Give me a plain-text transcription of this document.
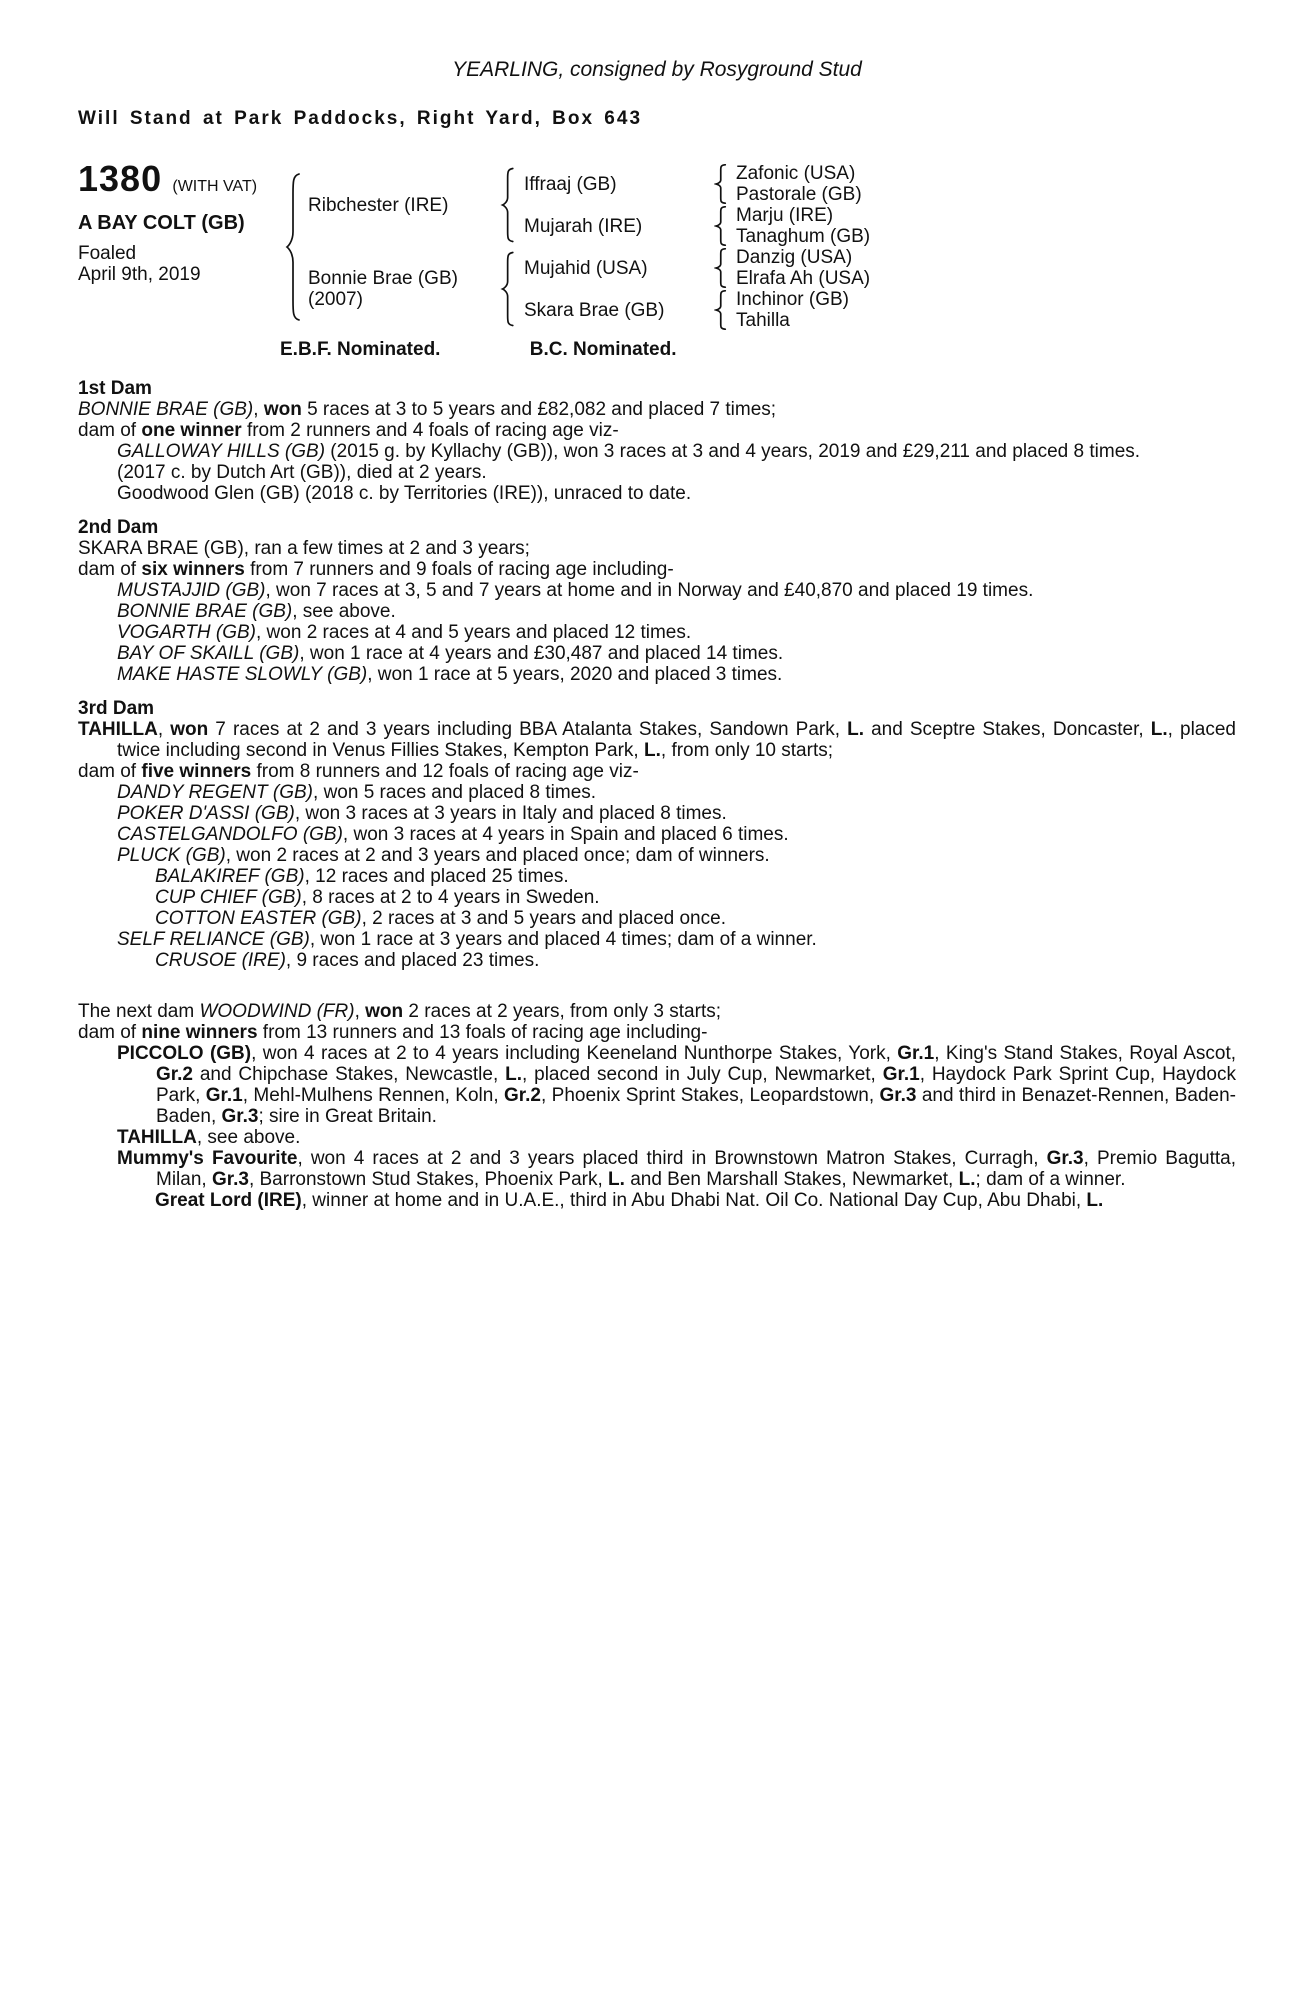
YEARLING, consigned by Rosyground Stud
Will Stand at Park Paddocks, Right Yard, Box 643
1380 (WITH VAT)
A BAY COLT (GB)
Foaled
April 9th, 2019
Ribchester (IRE)
Bonnie Brae (GB)
(2007)
Iffraaj (GB)
Mujarah (IRE)
Mujahid (USA)
Skara Brae (GB)
Zafonic (USA)
Pastorale (GB)
Marju (IRE)
Tanaghum (GB)
Danzig (USA)
Elrafa Ah (USA)
Inchinor (GB)
Tahilla
E.B.F. Nominated.	B.C. Nominated.
1st Dam

BONNIE BRAE (GB), won 5 races at 3 to 5 years and £82,082 and placed 7 times;

dam of one winner from 2 runners and 4 foals of racing age viz-

GALLOWAY HILLS (GB) (2015 g. by Kyllachy (GB)), won 3 races at 3 and 4 years, 2019 and £29,211 and placed 8 times.

(2017 c. by Dutch Art (GB)), died at 2 years.

Goodwood Glen (GB) (2018 c. by Territories (IRE)), unraced to date.

2nd Dam

SKARA BRAE (GB), ran a few times at 2 and 3 years;

dam of six winners from 7 runners and 9 foals of racing age including-

MUSTAJJID (GB), won 7 races at 3, 5 and 7 years at home and in Norway and £40,870 and placed 19 times.

BONNIE BRAE (GB), see above.

VOGARTH (GB), won 2 races at 4 and 5 years and placed 12 times.

BAY OF SKAILL (GB), won 1 race at 4 years and £30,487 and placed 14 times.

MAKE HASTE SLOWLY (GB), won 1 race at 5 years, 2020 and placed 3 times.

3rd Dam

TAHILLA, won 7 races at 2 and 3 years including BBA Atalanta Stakes, Sandown Park, L. and Sceptre Stakes, Doncaster, L., placed twice including second in Venus Fillies Stakes, Kempton Park, L., from only 10 starts;

dam of five winners from 8 runners and 12 foals of racing age viz-

DANDY REGENT (GB), won 5 races and placed 8 times.

POKER D'ASSI (GB), won 3 races at 3 years in Italy and placed 8 times.

CASTELGANDOLFO (GB), won 3 races at 4 years in Spain and placed 6 times.

PLUCK (GB), won 2 races at 2 and 3 years and placed once; dam of winners.

BALAKIREF (GB), 12 races and placed 25 times.

CUP CHIEF (GB), 8 races at 2 to 4 years in Sweden.

COTTON EASTER (GB), 2 races at 3 and 5 years and placed once.

SELF RELIANCE (GB), won 1 race at 3 years and placed 4 times; dam of a winner.

CRUSOE (IRE), 9 races and placed 23 times.

The next dam WOODWIND (FR), won 2 races at 2 years, from only 3 starts;

dam of nine winners from 13 runners and 13 foals of racing age including-

PICCOLO (GB), won 4 races at 2 to 4 years including Keeneland Nunthorpe Stakes, York, Gr.1, King's Stand Stakes, Royal Ascot, Gr.2 and Chipchase Stakes, Newcastle, L., placed second in July Cup, Newmarket, Gr.1, Haydock Park Sprint Cup, Haydock Park, Gr.1, Mehl-Mulhens Rennen, Koln, Gr.2, Phoenix Sprint Stakes, Leopardstown, Gr.3 and third in Benazet-Rennen, Baden-Baden, Gr.3; sire in Great Britain.

TAHILLA, see above.

Mummy's Favourite, won 4 races at 2 and 3 years placed third in Brownstown Matron Stakes, Curragh, Gr.3, Premio Bagutta, Milan, Gr.3, Barronstown Stud Stakes, Phoenix Park, L. and Ben Marshall Stakes, Newmarket, L.; dam of a winner.

Great Lord (IRE), winner at home and in U.A.E., third in Abu Dhabi Nat. Oil Co. National Day Cup, Abu Dhabi, L.
